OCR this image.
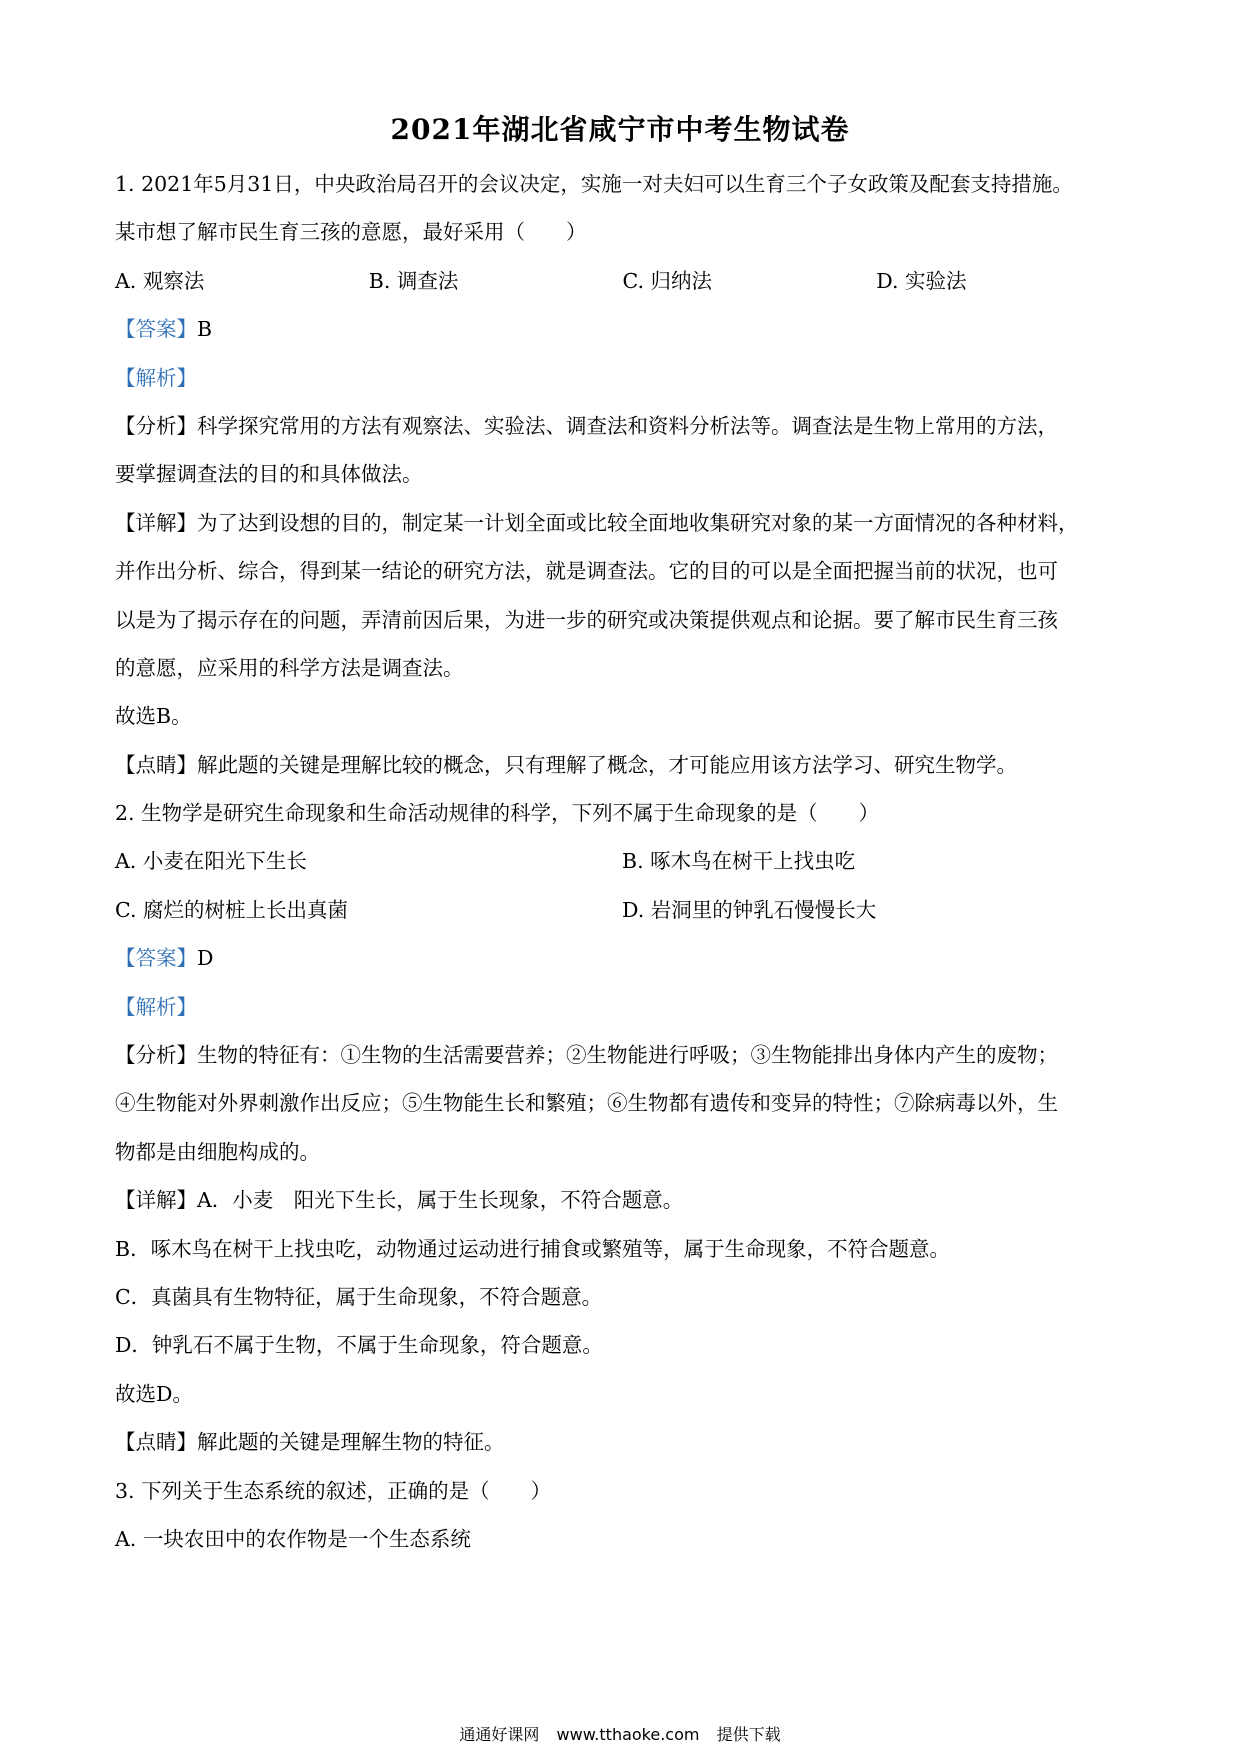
2021年湖北省咸宁市中考生物试卷
1. 2021年5月31日，中央政治局召开的会议决定，实施一对夫妇可以生育三个子女政策及配套支持措施。
某市想了解市民生育三孩的意愿，最好采用（　　）
A. 观察法	B. 调查法	C. 归纳法	D. 实验法
【答案】B
【解析】
【分析】科学探究常用的方法有观察法、实验法、调查法和资料分析法等。调查法是生物上常用的方法，
要掌握调查法的目的和具体做法。
【详解】为了达到设想的目的，制定某一计划全面或比较全面地收集研究对象的某一方面情况的各种材料，
并作出分析、综合，得到某一结论的研究方法，就是调查法。它的目的可以是全面把握当前的状况，也可
以是为了揭示存在的问题，弄清前因后果，为进一步的研究或决策提供观点和论据。要了解市民生育三孩
的意愿，应采用的科学方法是调查法。
故选B。
【点睛】解此题的关键是理解比较的概念，只有理解了概念，才可能应用该方法学习、研究生物学。
2. 生物学是研究生命现象和生命活动规律的科学，下列不属于生命现象的是（　　）
A. 小麦在阳光下生长	B. 啄木鸟在树干上找虫吃
C. 腐烂的树桩上长出真菌	D. 岩洞里的钟乳石慢慢长大
【答案】D
【解析】
【分析】生物的特征有：①生物的生活需要营养；②生物能进行呼吸；③生物能排出身体内产生的废物；
④生物能对外界刺激作出反应；⑤生物能生长和繁殖；⑥生物都有遗传和变异的特性；⑦除病毒以外，生
物都是由细胞构成的。
【详解】A．小麦　阳光下生长，属于生长现象，不符合题意。
B．啄木鸟在树干上找虫吃，动物通过运动进行捕食或繁殖等，属于生命现象，不符合题意。
C．真菌具有生物特征，属于生命现象，不符合题意。
D．钟乳石不属于生物，不属于生命现象，符合题意。
故选D。
【点睛】解此题的关键是理解生物的特征。
3. 下列关于生态系统的叙述，正确的是（　　）
A. 一块农田中的农作物是一个生态系统
通通好课网 www.tthaoke.com 提供下载
